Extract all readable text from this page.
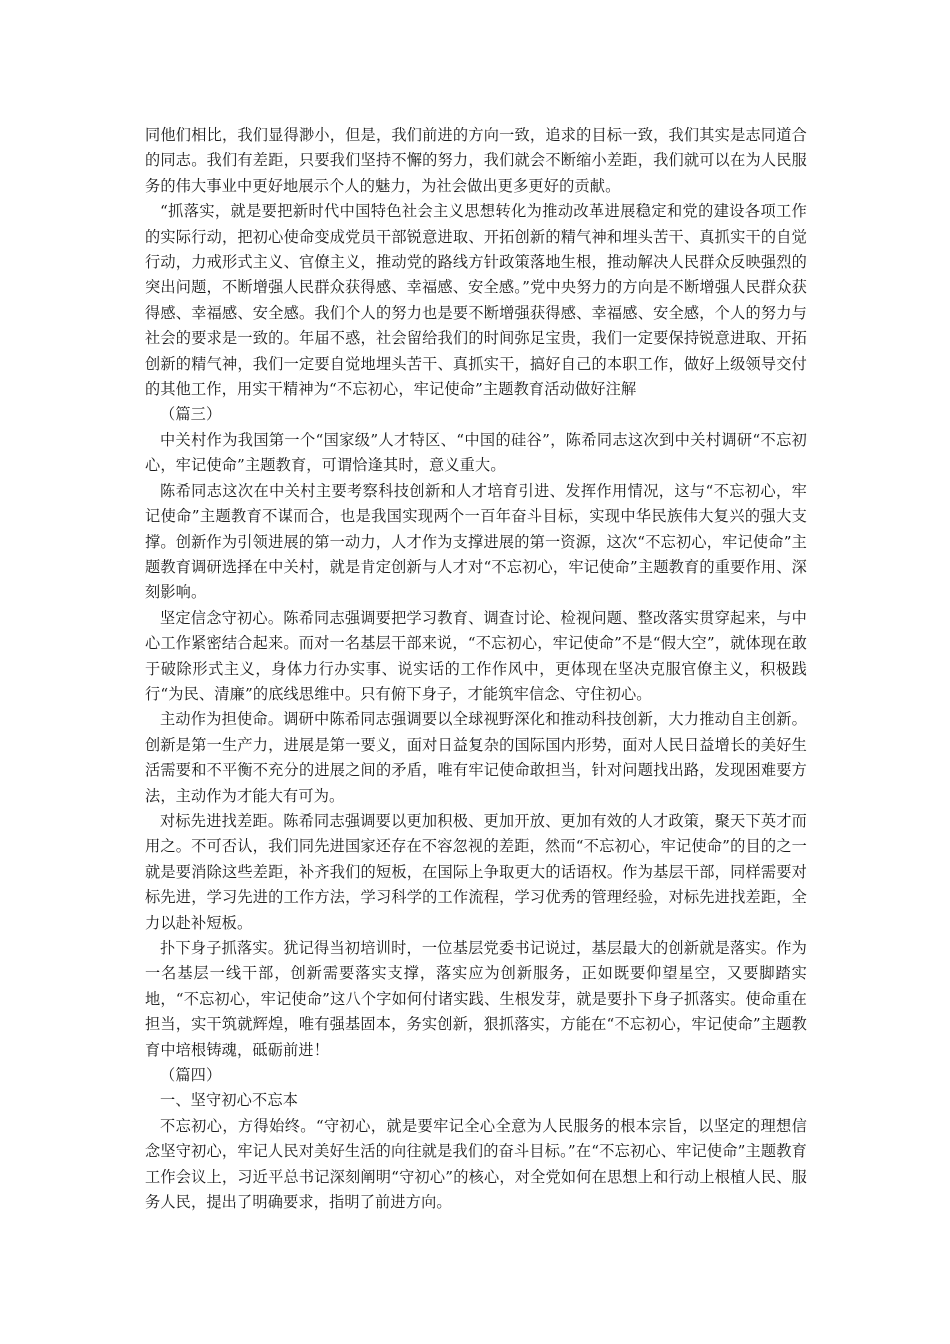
同他们相比，我们显得渺小，但是，我们前进的方向一致，追求的目标一致，我们其实是志同道合的同志。我们有差距，只要我们坚持不懈的努力，我们就会不断缩小差距，我们就可以在为人民服务的伟大事业中更好地展示个人的魅力，为社会做出更多更好的贡献。

“抓落实，就是要把新时代中国特色社会主义思想转化为推动改革进展稳定和党的建设各项工作的实际行动，把初心使命变成党员干部锐意进取、开拓创新的精气神和埋头苦干、真抓实干的自觉行动，力戒形式主义、官僚主义，推动党的路线方针政策落地生根，推动解决人民群众反映强烈的突出问题，不断增强人民群众获得感、幸福感、安全感。”党中央努力的方向是不断增强人民群众获得感、幸福感、安全感。我们个人的努力也是要不断增强获得感、幸福感、安全感，个人的努力与社会的要求是一致的。年届不惑，社会留给我们的时间弥足宝贵，我们一定要保持锐意进取、开拓创新的精气神，我们一定要自觉地埋头苦干、真抓实干，搞好自己的本职工作，做好上级领导交付的其他工作，用实干精神为“不忘初心，牢记使命”主题教育活动做好注解

（篇三）

中关村作为我国第一个“国家级”人才特区、“中国的硅谷”，陈希同志这次到中关村调研“不忘初心，牢记使命”主题教育，可谓恰逢其时，意义重大。

陈希同志这次在中关村主要考察科技创新和人才培育引进、发挥作用情况，这与“不忘初心，牢记使命”主题教育不谋而合，也是我国实现两个一百年奋斗目标，实现中华民族伟大复兴的强大支撑。创新作为引领进展的第一动力，人才作为支撑进展的第一资源，这次“不忘初心，牢记使命”主题教育调研选择在中关村，就是肯定创新与人才对“不忘初心，牢记使命”主题教育的重要作用、深刻影响。

坚定信念守初心。陈希同志强调要把学习教育、调查讨论、检视问题、整改落实贯穿起来，与中心工作紧密结合起来。而对一名基层干部来说，“不忘初心，牢记使命”不是“假大空”，就体现在敢于破除形式主义，身体力行办实事、说实话的工作作风中，更体现在坚决克服官僚主义，积极践行“为民、清廉”的底线思维中。只有俯下身子，才能筑牢信念、守住初心。

主动作为担使命。调研中陈希同志强调要以全球视野深化和推动科技创新，大力推动自主创新。创新是第一生产力，进展是第一要义，面对日益复杂的国际国内形势，面对人民日益增长的美好生活需要和不平衡不充分的进展之间的矛盾，唯有牢记使命敢担当，针对问题找出路，发现困难要方法，主动作为才能大有可为。

对标先进找差距。陈希同志强调要以更加积极、更加开放、更加有效的人才政策，聚天下英才而用之。不可否认，我们同先进国家还存在不容忽视的差距，然而“不忘初心，牢记使命”的目的之一就是要消除这些差距，补齐我们的短板，在国际上争取更大的话语权。作为基层干部，同样需要对标先进，学习先进的工作方法，学习科学的工作流程，学习优秀的管理经验，对标先进找差距，全力以赴补短板。

扑下身子抓落实。犹记得当初培训时，一位基层党委书记说过，基层最大的创新就是落实。作为一名基层一线干部，创新需要落实支撑，落实应为创新服务，正如既要仰望星空，又要脚踏实地，“不忘初心，牢记使命”这八个字如何付诸实践、生根发芽，就是要扑下身子抓落实。使命重在担当，实干筑就辉煌，唯有强基固本，务实创新，狠抓落实，方能在“不忘初心，牢记使命”主题教育中培根铸魂，砥砺前进！

（篇四）

一、坚守初心不忘本

不忘初心，方得始终。“守初心，就是要牢记全心全意为人民服务的根本宗旨，以坚定的理想信念坚守初心，牢记人民对美好生活的向往就是我们的奋斗目标。”在“不忘初心、牢记使命”主题教育工作会议上，习近平总书记深刻阐明“守初心”的核心，对全党如何在思想上和行动上根植人民、服务人民，提出了明确要求，指明了前进方向。
